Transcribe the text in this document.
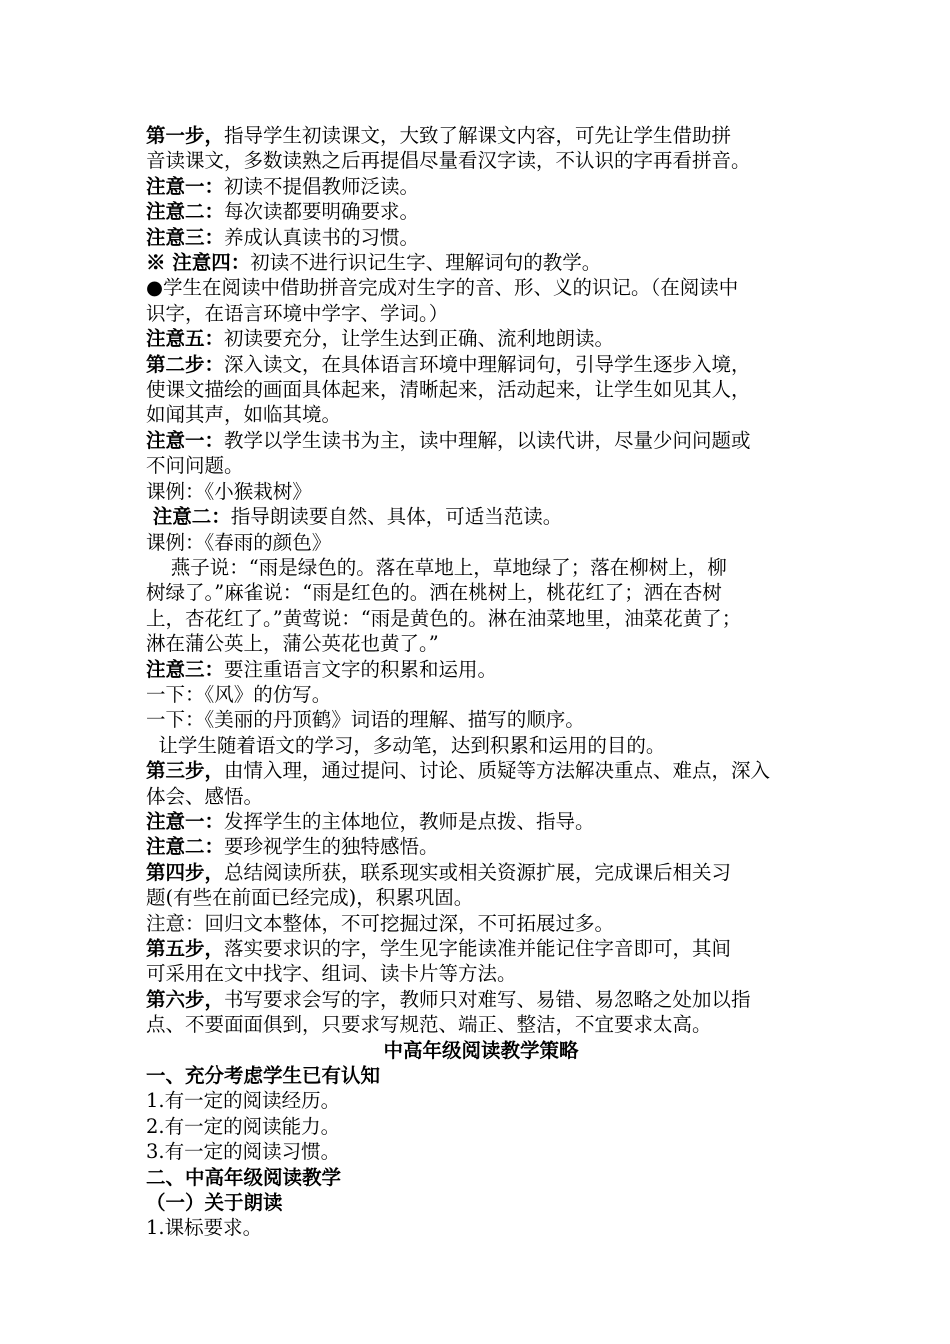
第一步，指导学生初读课文，大致了解课文内容，可先让学生借助拼
音读课文，多数读熟之后再提倡尽量看汉字读，不认识的字再看拼音。
注意一：初读不提倡教师泛读。
注意二：每次读都要明确要求。
注意三：养成认真读书的习惯。
※ 注意四：初读不进行识记生字、理解词句的教学。
●学生在阅读中借助拼音完成对生字的音、形、义的识记。（在阅读中
识字，在语言环境中学字、学词。）
注意五：初读要充分，让学生达到正确、流利地朗读。
第二步：深入读文，在具体语言环境中理解词句，引导学生逐步入境，
使课文描绘的画面具体起来，清晰起来，活动起来，让学生如见其人，
如闻其声，如临其境。
注意一：教学以学生读书为主，读中理解，以读代讲，尽量少问问题或
不问问题。
课例：《小猴栽树》
注意二：指导朗读要自然、具体，可适当范读。
课例：《春雨的颜色》
燕子说：“雨是绿色的。落在草地上，草地绿了；落在柳树上，柳
树绿了。”麻雀说：“雨是红色的。洒在桃树上，桃花红了；洒在杏树
上，杏花红了。”黄莺说：“雨是黄色的。淋在油菜地里，油菜花黄了；
淋在蒲公英上，蒲公英花也黄了。”
注意三：要注重语言文字的积累和运用。
一下：《风》的仿写。
一下：《美丽的丹顶鹤》词语的理解、描写的顺序。
让学生随着语文的学习，多动笔，达到积累和运用的目的。
第三步，由情入理，通过提问、讨论、质疑等方法解决重点、难点，深入
体会、感悟。
注意一：发挥学生的主体地位，教师是点拨、指导。
注意二：要珍视学生的独特感悟。
第四步，总结阅读所获，联系现实或相关资源扩展，完成课后相关习
题(有些在前面已经完成)，积累巩固。
注意：回归文本整体，不可挖掘过深，不可拓展过多。
第五步，落实要求识的字，学生见字能读准并能记住字音即可，其间
可采用在文中找字、组词、读卡片等方法。
第六步，书写要求会写的字，教师只对难写、易错、易忽略之处加以指
点、不要面面俱到，只要求写规范、端正、整洁，不宜要求太高。
中高年级阅读教学策略
一、充分考虑学生已有认知
1.有一定的阅读经历。
2.有一定的阅读能力。
3.有一定的阅读习惯。
二、中高年级阅读教学
（一）关于朗读
1.课标要求。
